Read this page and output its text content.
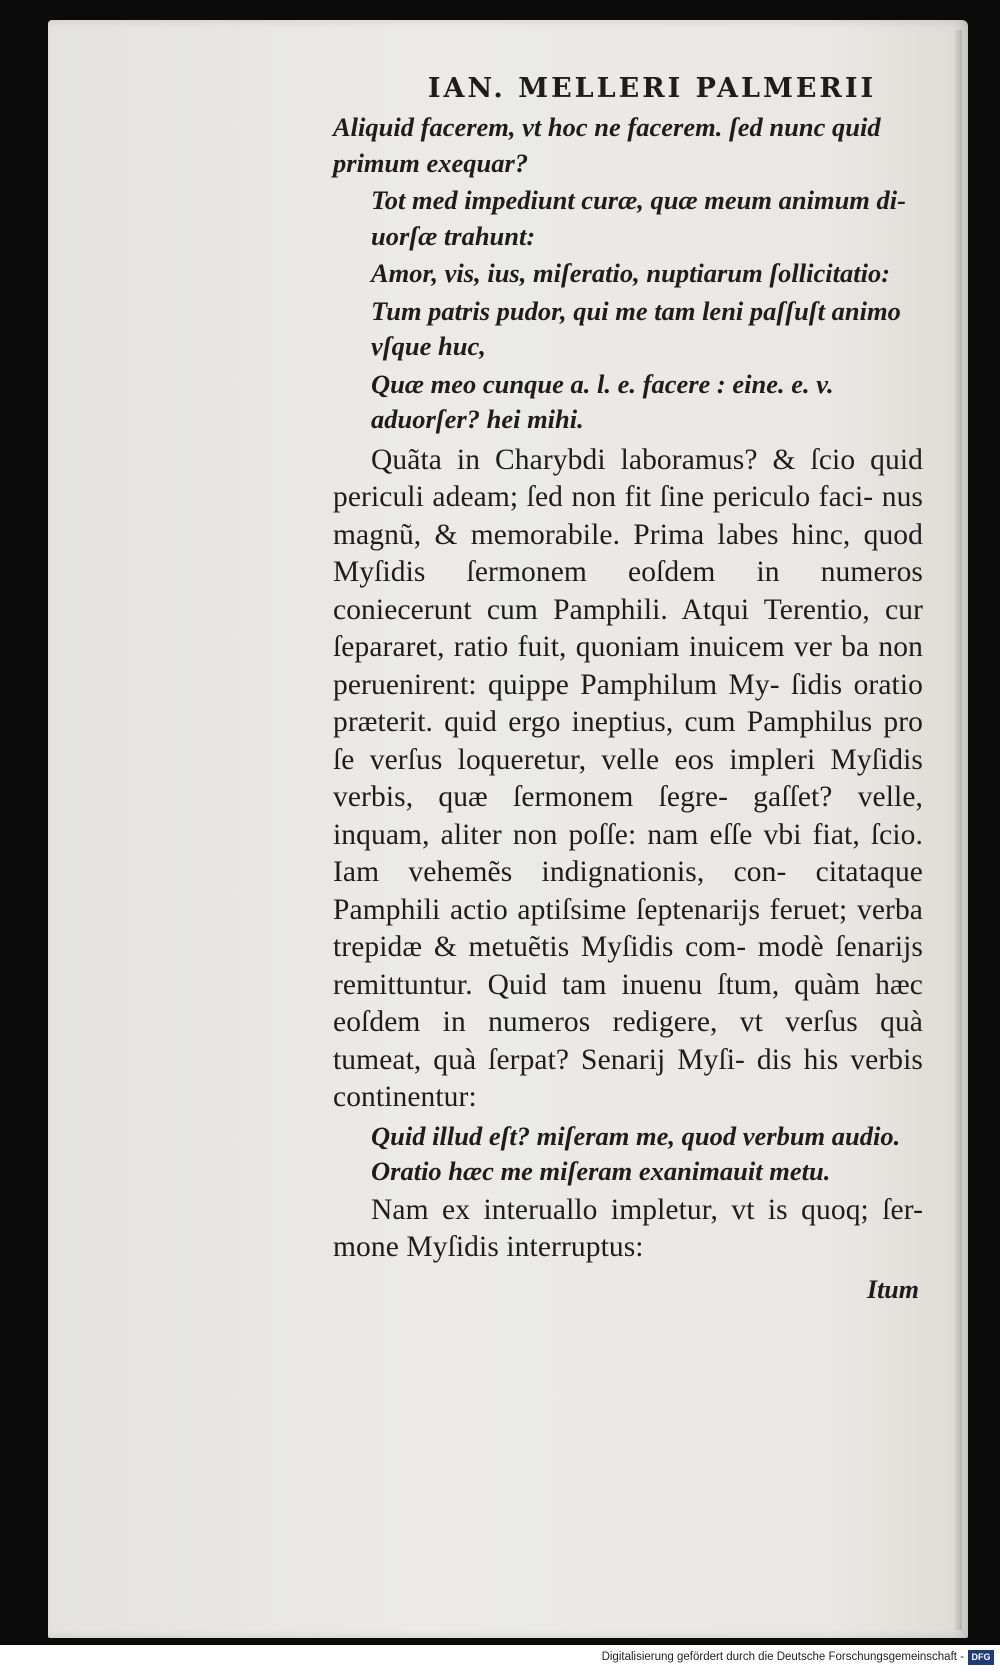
IAN. MELLERI PALMERII

Aliquid facerem, vt hoc ne facerem. ſed nunc quid primum exequar?

Tot med impediunt curæ, quæ meum animum di- uorſæ trahunt:

Amor, vis, ius, miſeratio, nuptiarum ſollicitatio:

Tum patris pudor, qui me tam leni paſſuſt animo vſque huc,

Quæ meo cunque a. l. e. facere : eine. e. v. aduorſer? hei mihi.

Quãta in Charybdi laboramus? & ſcio quid periculi adeam; ſed non fit ſine periculo faci- nus magnũ, & memorabile. Prima labes hinc, quod Myſidis ſermonem eoſdem in numeros coniecerunt cum Pamphili. Atqui Terentio, cur ſepararet, ratio fuit, quoniam inuicem ver ba non peruenirent: quippe Pamphilum My- ſidis oratio præterit. quid ergo ineptius, cum Pamphilus pro ſe verſus loqueretur, velle eos impleri Myſidis verbis, quæ ſermonem ſegre- gaſſet? velle, inquam, aliter non poſſe: nam eſſe vbi fiat, ſcio. Iam vehemẽs indignationis, con- citataque Pamphili actio aptiſsime ſeptenarijs feruet; verba trepidæ & metuẽtis Myſidis com- modè ſenarijs remittuntur. Quid tam inuenu ſtum, quàm hæc eoſdem in numeros redigere, vt verſus quà tumeat, quà ſerpat? Senarij Myſi- dis his verbis continentur:

Quid illud eſt? miſeram me, quod verbum audio.

Oratio hæc me miſeram exanimauit metu.

Nam ex interuallo impletur, vt is quoq; ſer- mone Myſidis interruptus:

Itum
Digitalisierung gefördert durch die Deutsche Forschungsgemeinschaft - DFG
